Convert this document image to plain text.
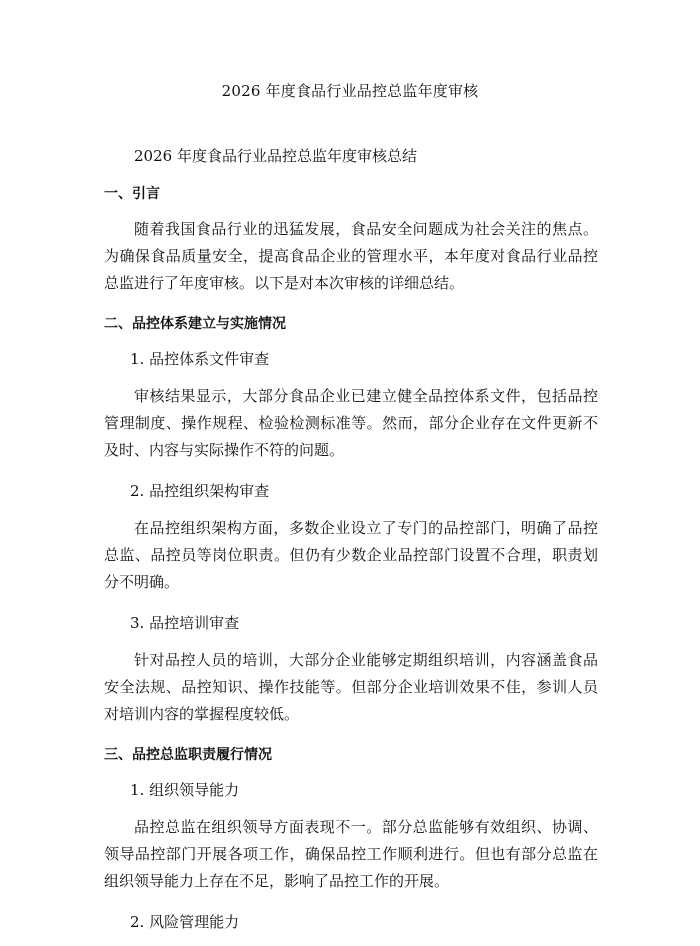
2026 年度食品行业品控总监年度审核

2026 年度食品行业品控总监年度审核总结

一、引言

随着我国食品行业的迅猛发展，食品安全问题成为社会关注的焦点。为确保食品质量安全，提高食品企业的管理水平，本年度对食品行业品控总监进行了年度审核。以下是对本次审核的详细总结。

二、品控体系建立与实施情况
1. 品控体系文件审查

审核结果显示，大部分食品企业已建立健全品控体系文件，包括品控管理制度、操作规程、检验检测标准等。然而，部分企业存在文件更新不及时、内容与实际操作不符的问题。

2. 品控组织架构审查

在品控组织架构方面，多数企业设立了专门的品控部门，明确了品控总监、品控员等岗位职责。但仍有少数企业品控部门设置不合理，职责划分不明确。

3. 品控培训审查

针对品控人员的培训，大部分企业能够定期组织培训，内容涵盖食品安全法规、品控知识、操作技能等。但部分企业培训效果不佳，参训人员对培训内容的掌握程度较低。

三、品控总监职责履行情况
1. 组织领导能力

品控总监在组织领导方面表现不一。部分总监能够有效组织、协调、领导品控部门开展各项工作，确保品控工作顺利进行。但也有部分总监在组织领导能力上存在不足，影响了品控工作的开展。

2. 风险管理能力
